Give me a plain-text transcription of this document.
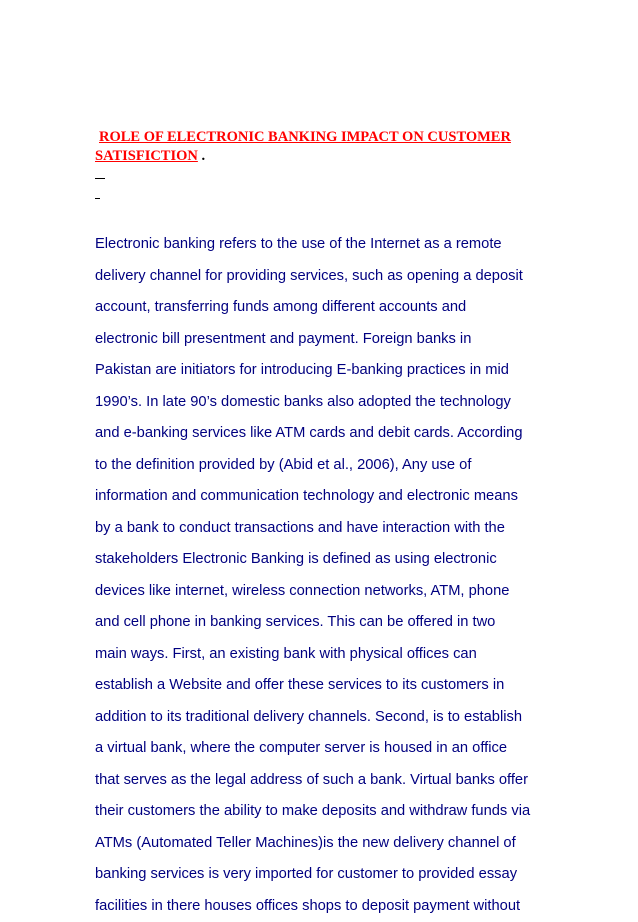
ROLE OF ELECTRONIC BANKING IMPACT ON CUSTOMER
SATISFICTION .
Electronic banking refers to the use of the Internet as a remote
delivery channel for providing services, such as opening a deposit
account, transferring funds among different accounts and
electronic bill presentment and payment. Foreign banks in
Pakistan are initiators for introducing E-banking practices in mid
1990’s. In late 90’s domestic banks also adopted the technology
and e-banking services like ATM cards and debit cards. According
to the definition provided by (Abid et al., 2006), Any use of
information and communication technology and electronic means
by a bank to conduct transactions and have interaction with the
stakeholders Electronic Banking is defined as using electronic
devices like internet, wireless connection networks, ATM, phone
and cell phone in banking services. This can be offered in two
main ways. First, an existing bank with physical offices can
establish a Website and offer these services to its customers in
addition to its traditional delivery channels. Second, is to establish
a virtual bank, where the computer server is housed in an office
that serves as the legal address of such a bank. Virtual banks offer
their customers the ability to make deposits and withdraw funds via
ATMs (Automated Teller Machines)is the new delivery channel of
banking services is very imported for customer to provided essay
facilities in there houses offices shops to deposit payment without
